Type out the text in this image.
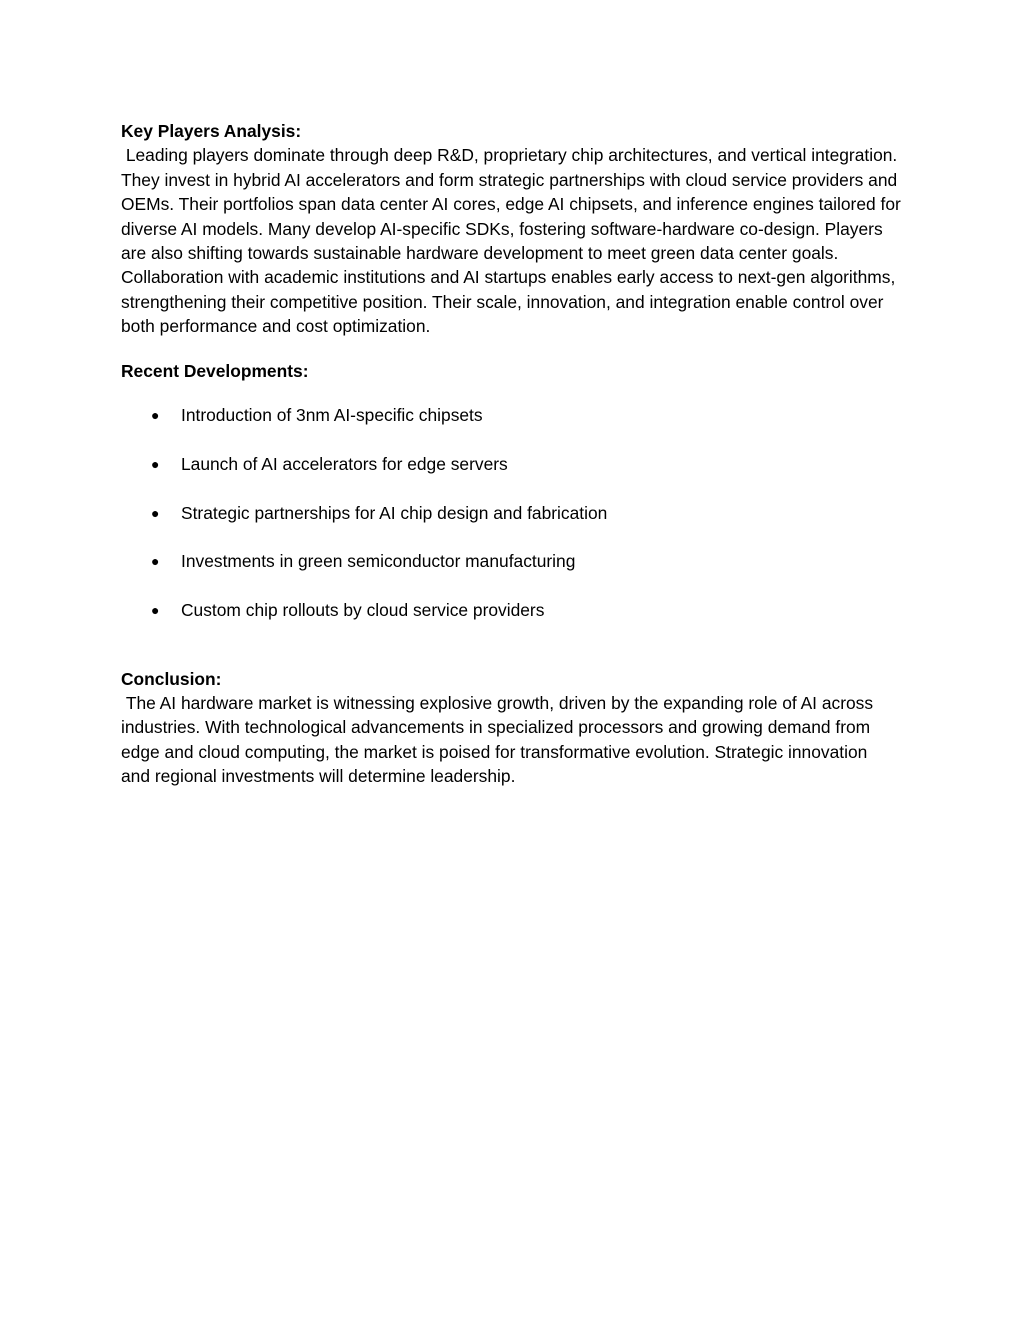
Key Players Analysis:

Leading players dominate through deep R&D, proprietary chip architectures, and vertical integration. They invest in hybrid AI accelerators and form strategic partnerships with cloud service providers and OEMs. Their portfolios span data center AI cores, edge AI chipsets, and inference engines tailored for diverse AI models. Many develop AI-specific SDKs, fostering software-hardware co-design. Players are also shifting towards sustainable hardware development to meet green data center goals. Collaboration with academic institutions and AI startups enables early access to next-gen algorithms, strengthening their competitive position. Their scale, innovation, and integration enable control over both performance and cost optimization.

Recent Developments:

● Introduction of 3nm AI-specific chipsets
● Launch of AI accelerators for edge servers
● Strategic partnerships for AI chip design and fabrication
● Investments in green semiconductor manufacturing
● Custom chip rollouts by cloud service providers

Conclusion:

The AI hardware market is witnessing explosive growth, driven by the expanding role of AI across industries. With technological advancements in specialized processors and growing demand from edge and cloud computing, the market is poised for transformative evolution. Strategic innovation and regional investments will determine leadership.
